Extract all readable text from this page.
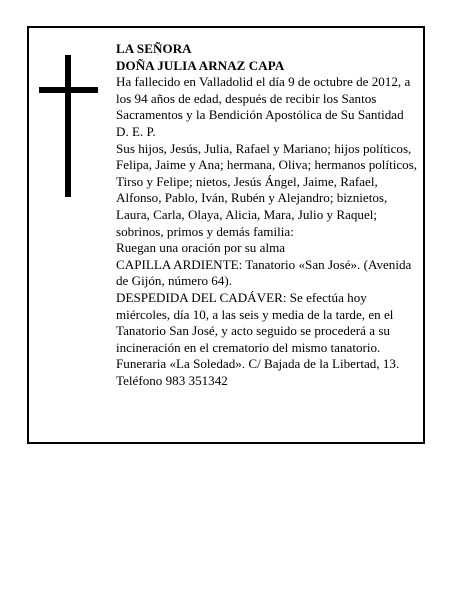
LA SEÑORA

DOÑA JULIA ARNAZ CAPA

Ha fallecido en Valladolid el día 9 de octubre de 2012, a los 94 años de edad, después de recibir los Santos Sacramentos y la Bendición Apostólica de Su Santidad

D. E. P.

Sus hijos, Jesús, Julia, Rafael y Mariano; hijos políticos, Felipa, Jaime y Ana; hermana, Oliva; hermanos políticos, Tirso y Felipe; nietos, Jesús Ángel, Jaime, Rafael, Alfonso, Pablo, Iván, Rubén y Alejandro; biznietos, Laura, Carla, Olaya, Alicia, Mara, Julio y Raquel; sobrinos, primos y demás familia:

Ruegan una oración por su alma

CAPILLA ARDIENTE: Tanatorio «San José». (Avenida de Gijón, número 64).

DESPEDIDA DEL CADÁVER: Se efectúa hoy miércoles, día 10, a las seis y media de la tarde, en el Tanatorio San José, y acto seguido se procederá a su incineración en el crematorio del mismo tanatorio.

Funeraria «La Soledad». C/ Bajada de la Libertad, 13.

Teléfono 983 351342
